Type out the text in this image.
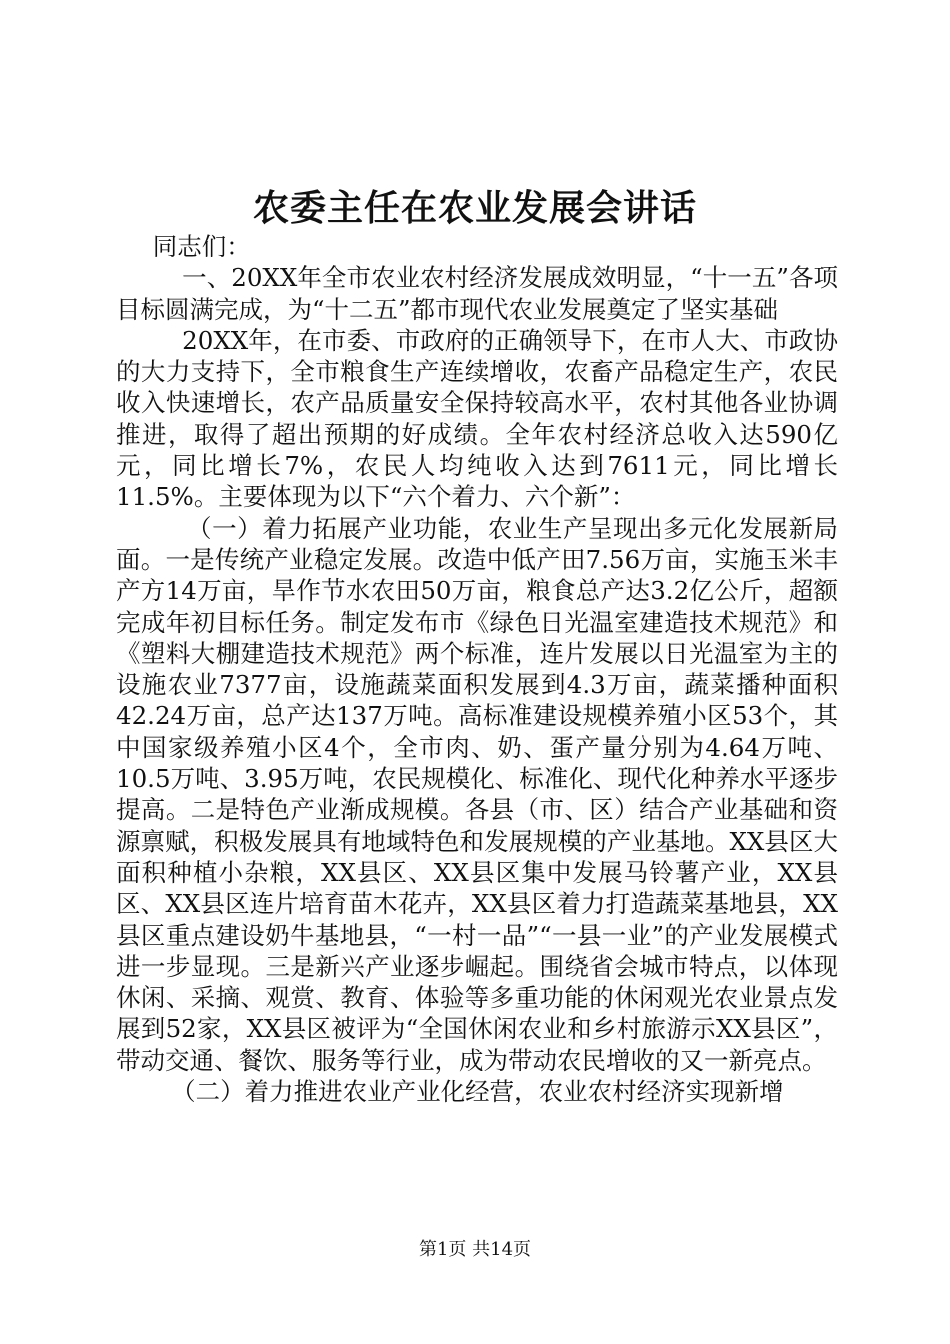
农委主任在农业发展会讲话

同志们：

一、20XX年全市农业农村经济发展成效明显，“十一五”各项目标圆满完成，为“十二五”都市现代农业发展奠定了坚实基础

20XX年，在市委、市政府的正确领导下，在市人大、市政协的大力支持下，全市粮食生产连续增收，农畜产品稳定生产，农民收入快速增长，农产品质量安全保持较高水平，农村其他各业协调推进，取得了超出预期的好成绩。全年农村经济总收入达590亿元，同比增长7%，农民人均纯收入达到7611元，同比增长11.5%。主要体现为以下“六个着力、六个新”：

（一）着力拓展产业功能，农业生产呈现出多元化发展新局面。一是传统产业稳定发展。改造中低产田7.56万亩，实施玉米丰产方14万亩，旱作节水农田50万亩，粮食总产达3.2亿公斤，超额完成年初目标任务。制定发布市《绿色日光温室建造技术规范》和《塑料大棚建造技术规范》两个标准，连片发展以日光温室为主的设施农业7377亩，设施蔬菜面积发展到4.3万亩，蔬菜播种面积42.24万亩，总产达137万吨。高标准建设规模养殖小区53个，其中国家级养殖小区4个，全市肉、奶、蛋产量分别为4.64万吨、10.5万吨、3.95万吨，农民规模化、标准化、现代化种养水平逐步提高。二是特色产业渐成规模。各县（市、区）结合产业基础和资源禀赋，积极发展具有地域特色和发展规模的产业基地。XX县区大面积种植小杂粮，XX县区、XX县区集中发展马铃薯产业，XX县区、XX县区连片培育苗木花卉，XX县区着力打造蔬菜基地县，XX县区重点建设奶牛基地县，“一村一品”“一县一业”的产业发展模式进一步显现。三是新兴产业逐步崛起。围绕省会城市特点，以体现休闲、采摘、观赏、教育、体验等多重功能的休闲观光农业景点发展到52家，XX县区被评为“全国休闲农业和乡村旅游示XX县区”，带动交通、餐饮、服务等行业，成为带动农民增收的又一新亮点。

（二）着力推进农业产业化经营，农业农村经济实现新增

第1页 共14页
